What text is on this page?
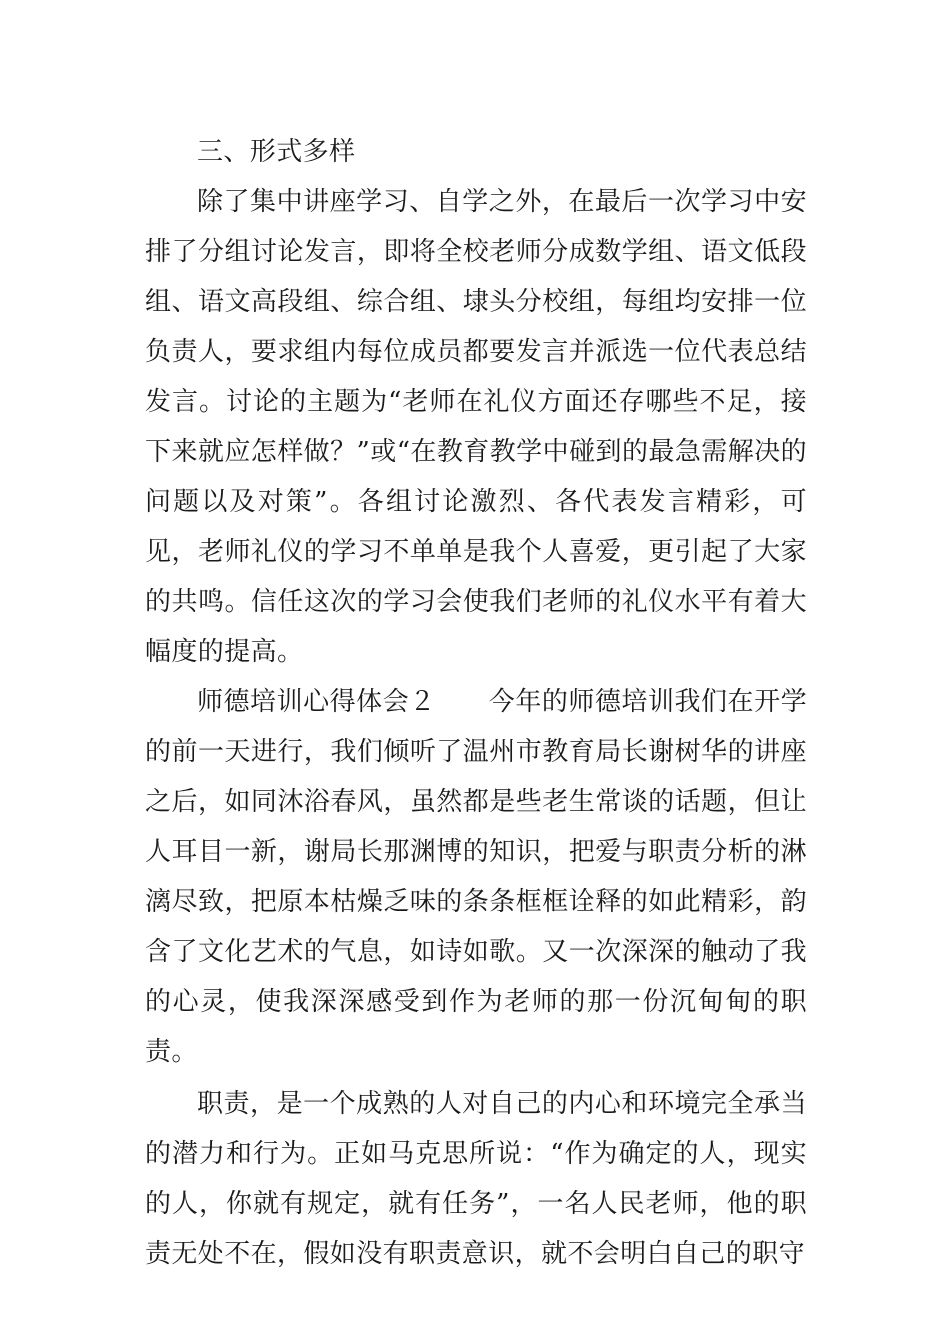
三、形式多样

除了集中讲座学习、自学之外，在最后一次学习中安排了分组讨论发言，即将全校老师分成数学组、语文低段组、语文高段组、综合组、埭头分校组，每组均安排一位负责人，要求组内每位成员都要发言并派选一位代表总结发言。讨论的主题为“老师在礼仪方面还存哪些不足，接下来就应怎样做？”或“在教育教学中碰到的最急需解决的问题以及对策”。各组讨论激烈、各代表发言精彩，可见，老师礼仪的学习不单单是我个人喜爱，更引起了大家的共鸣。信任这次的学习会使我们老师的礼仪水平有着大幅度的提高。

师德培训心得体会２　　今年的师德培训我们在开学的前一天进行，我们倾听了温州市教育局长谢树华的讲座之后，如同沐浴春风，虽然都是些老生常谈的话题，但让人耳目一新，谢局长那渊博的知识，把爱与职责分析的淋漓尽致，把原本枯燥乏味的条条框框诠释的如此精彩，韵含了文化艺术的气息，如诗如歌。又一次深深的触动了我的心灵，使我深深感受到作为老师的那一份沉甸甸的职责。

职责，是一个成熟的人对自己的内心和环境完全承当的潜力和行为。正如马克思所说：“作为确定的人，现实的人，你就有规定，就有任务”，一名人民老师，他的职责无处不在，假如没有职责意识，就不会明白自己的职守
